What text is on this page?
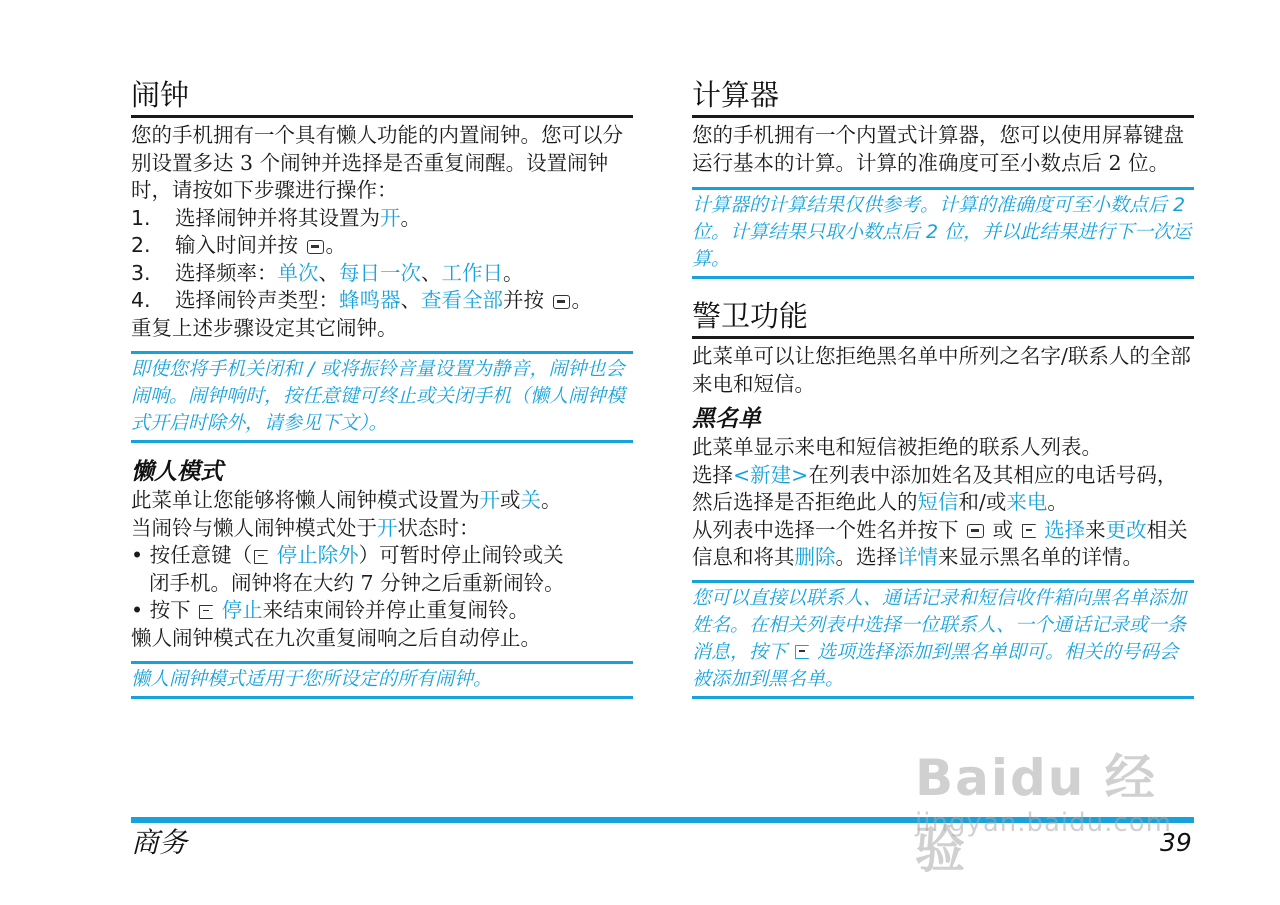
闹钟

您的手机拥有一个具有懒人功能的内置闹钟。您可以分别设置多达 3 个闹钟并选择是否重复闹醒。设置闹钟时，请按如下步骤进行操作：

1. 选择闹钟并将其设置为开。

2. 输入时间并按 。

3. 选择频率：单次、每日一次、工作日。

4. 选择闹铃声类型：蜂鸣器、查看全部并按 。

重复上述步骤设定其它闹钟。

即使您将手机关闭和 / 或将振铃音量设置为静音，闹钟也会闹响。闹钟响时，按任意键可终止或关闭手机（懒人闹钟模式开启时除外，请参见下文）。
懒人模式

此菜单让您能够将懒人闹钟模式设置为开或关。

当闹铃与懒人闹钟模式处于开状态时：

• 按任意键（ 停止除外）可暂时停止闹铃或关

闭手机。闹钟将在大约 7 分钟之后重新闹铃。

• 按下 停止来结束闹铃并停止重复闹铃。

懒人闹钟模式在九次重复闹响之后自动停止。

懒人闹钟模式适用于您所设定的所有闹钟。
计算器

您的手机拥有一个内置式计算器，您可以使用屏幕键盘运行基本的计算。计算的准确度可至小数点后 2 位。

计算器的计算结果仅供参考。计算的准确度可至小数点后 2 位。计算结果只取小数点后 2 位，并以此结果进行下一次运算。
警卫功能

此菜单可以让您拒绝黑名单中所列之名字/联系人的全部来电和短信。

黑名单

此菜单显示来电和短信被拒绝的联系人列表。

选择<新建>在列表中添加姓名及其相应的电话号码，然后选择是否拒绝此人的短信和/或来电。

从列表中选择一个姓名并按下 或 选择来更改相关信息和将其删除。选择详情来显示黑名单的详情。

您可以直接以联系人、通话记录和短信收件箱向黑名单添加姓名。在相关列表中选择一位联系人、一个通话记录或一条消息，按下 选项选择添加到黑名单即可。相关的号码会被添加到黑名单。
商务	39
Baidu 经验
jingyan.baidu.com
